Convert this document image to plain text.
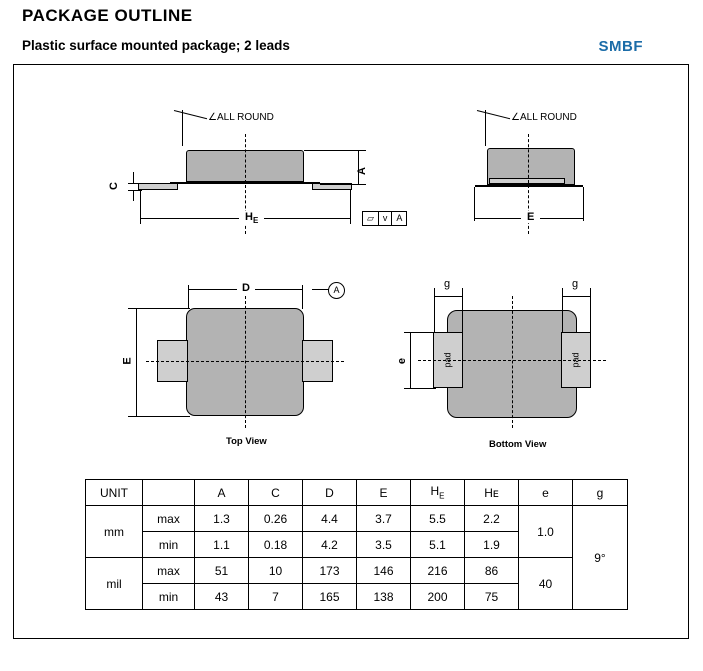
PACKAGE OUTLINE
Plastic surface mounted package; 2 leads	SMBF
∠ALL ROUND
C
A
$H_E$	▱	v	A
∠ALL ROUND
E
D	A
E
Top View
pad	pad
g	g
e
Bottom View
UNIT		A	C	D	E	$H_E$	Hᴇ	e	g
mm	max	1.3	0.26	4.4	3.7	5.5	2.2	1.0	9°
	min	1.1	0.18	4.2	3.5	5.1	1.9		
mil	max	51	10	173	146	216	86	40	
	min	43	7	165	138	200	75		
